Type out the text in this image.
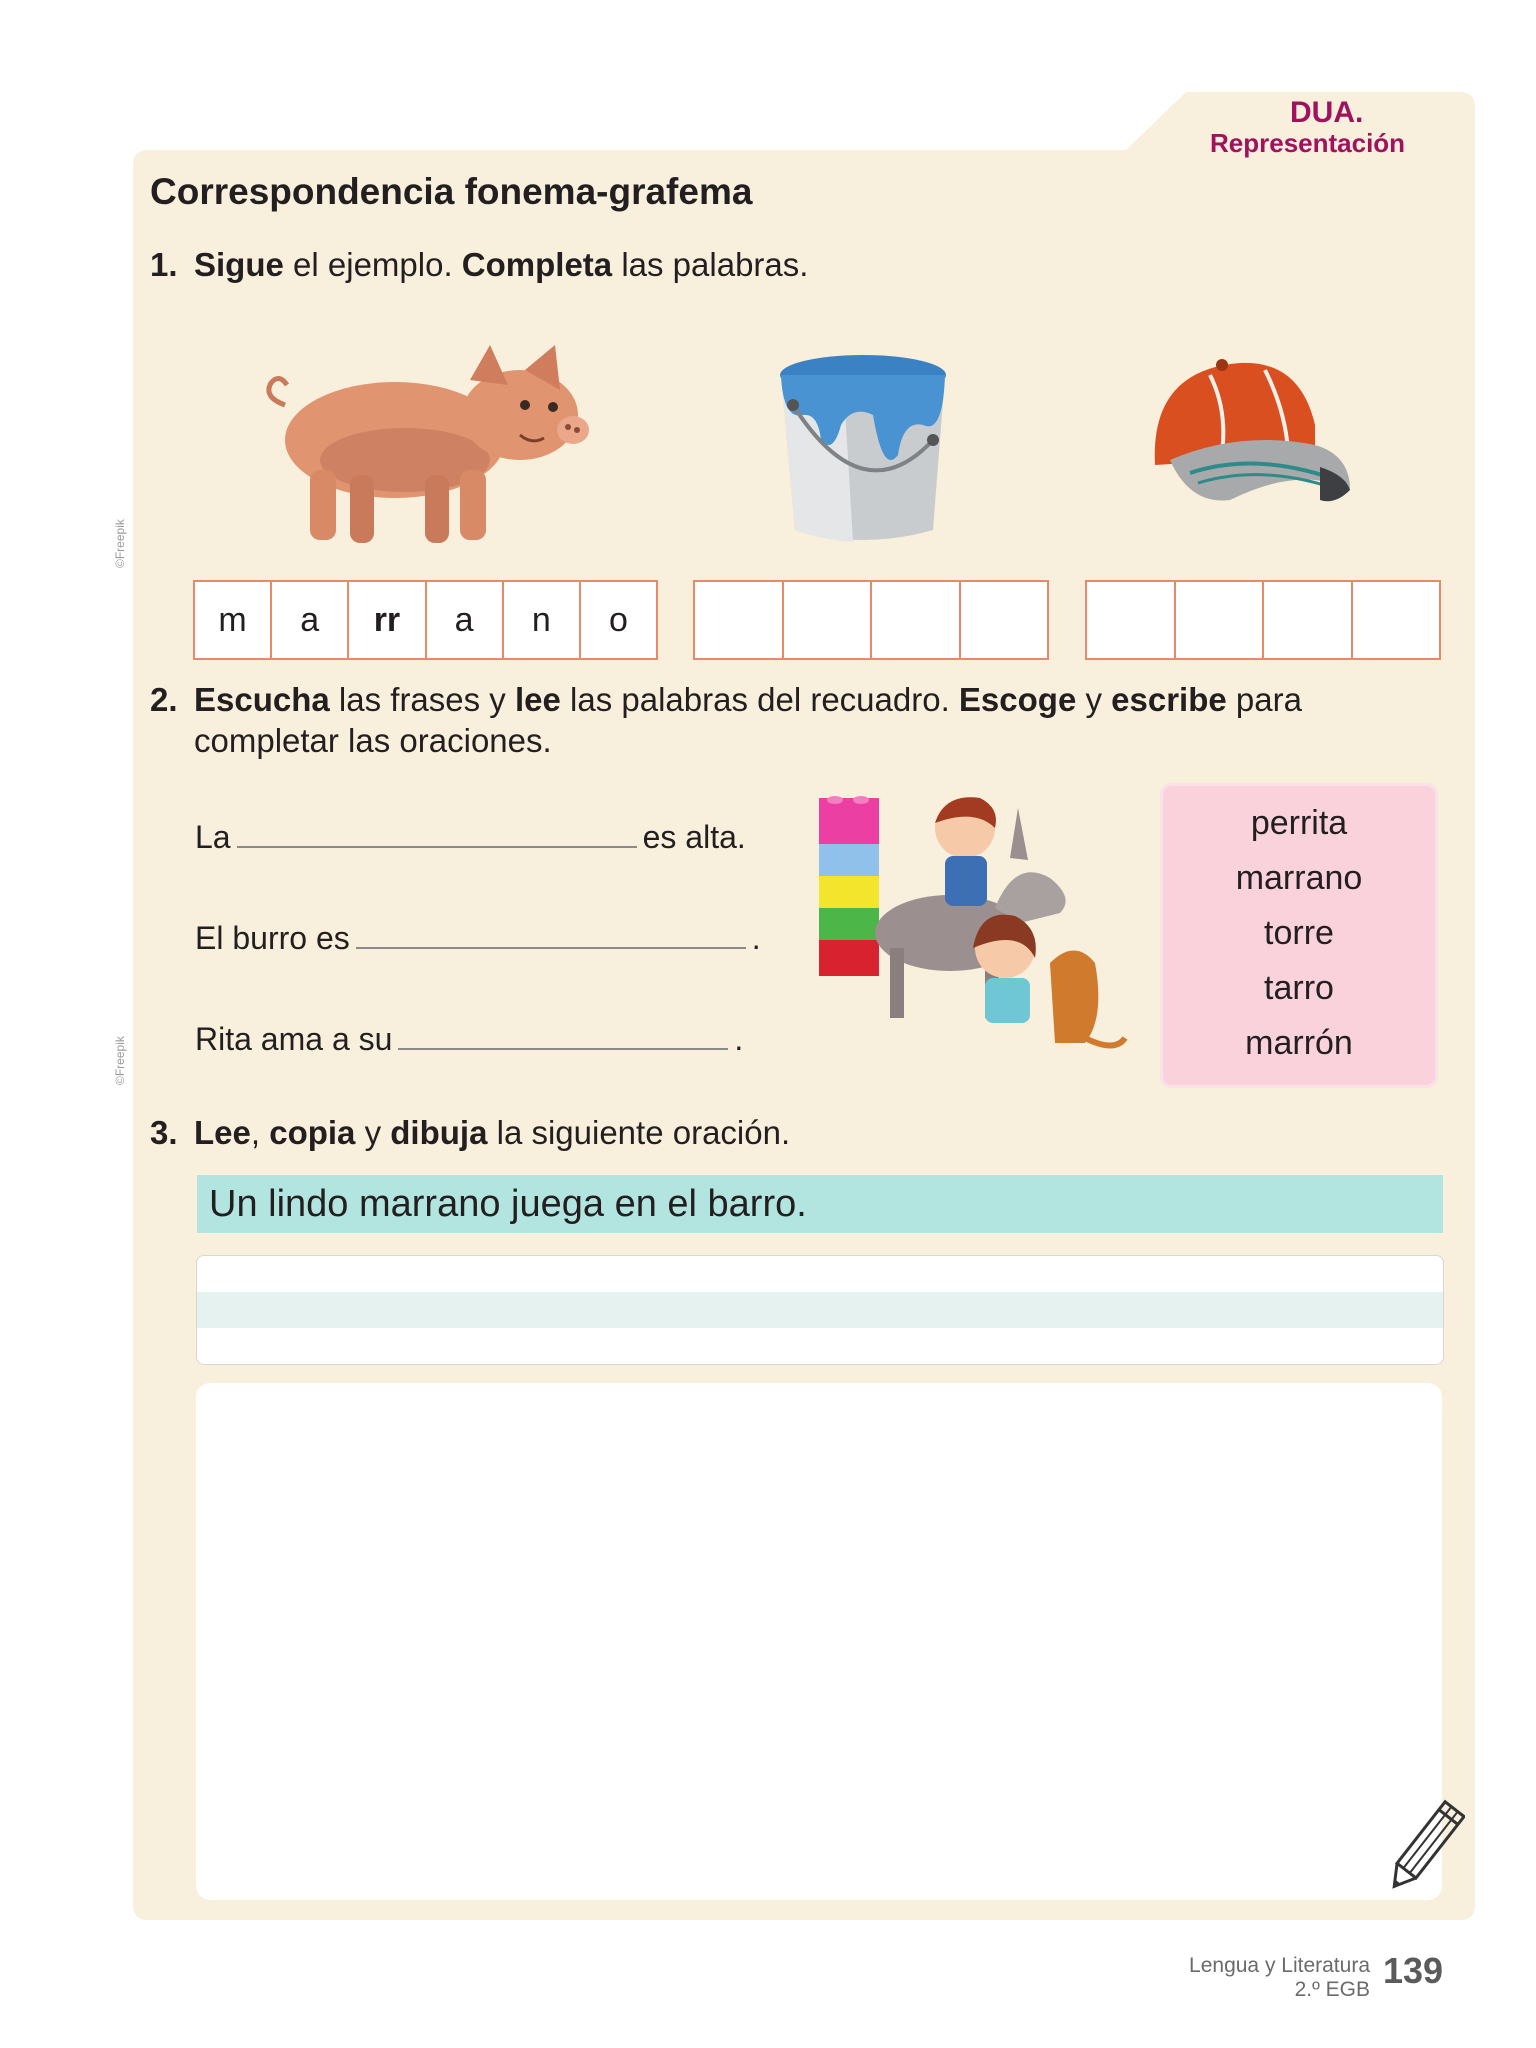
DUA.
Representación
Correspondencia fonema-grafema
1. Sigue el ejemplo. Completa las palabras.
m	a	rr	a	n	o
2. Escucha las frases y lee las palabras del recuadro. Escoge y escribe para
completar las oraciones.
La	es alta.
El burro es	.
Rita ama a su	.
perrita
marrano
torre
tarro
marrón
3. Lee, copia y dibuja la siguiente oración.
Un lindo marrano juega en el barro.
©Freepik
©Freepik
Lengua y Literatura
2.º EGB 139
